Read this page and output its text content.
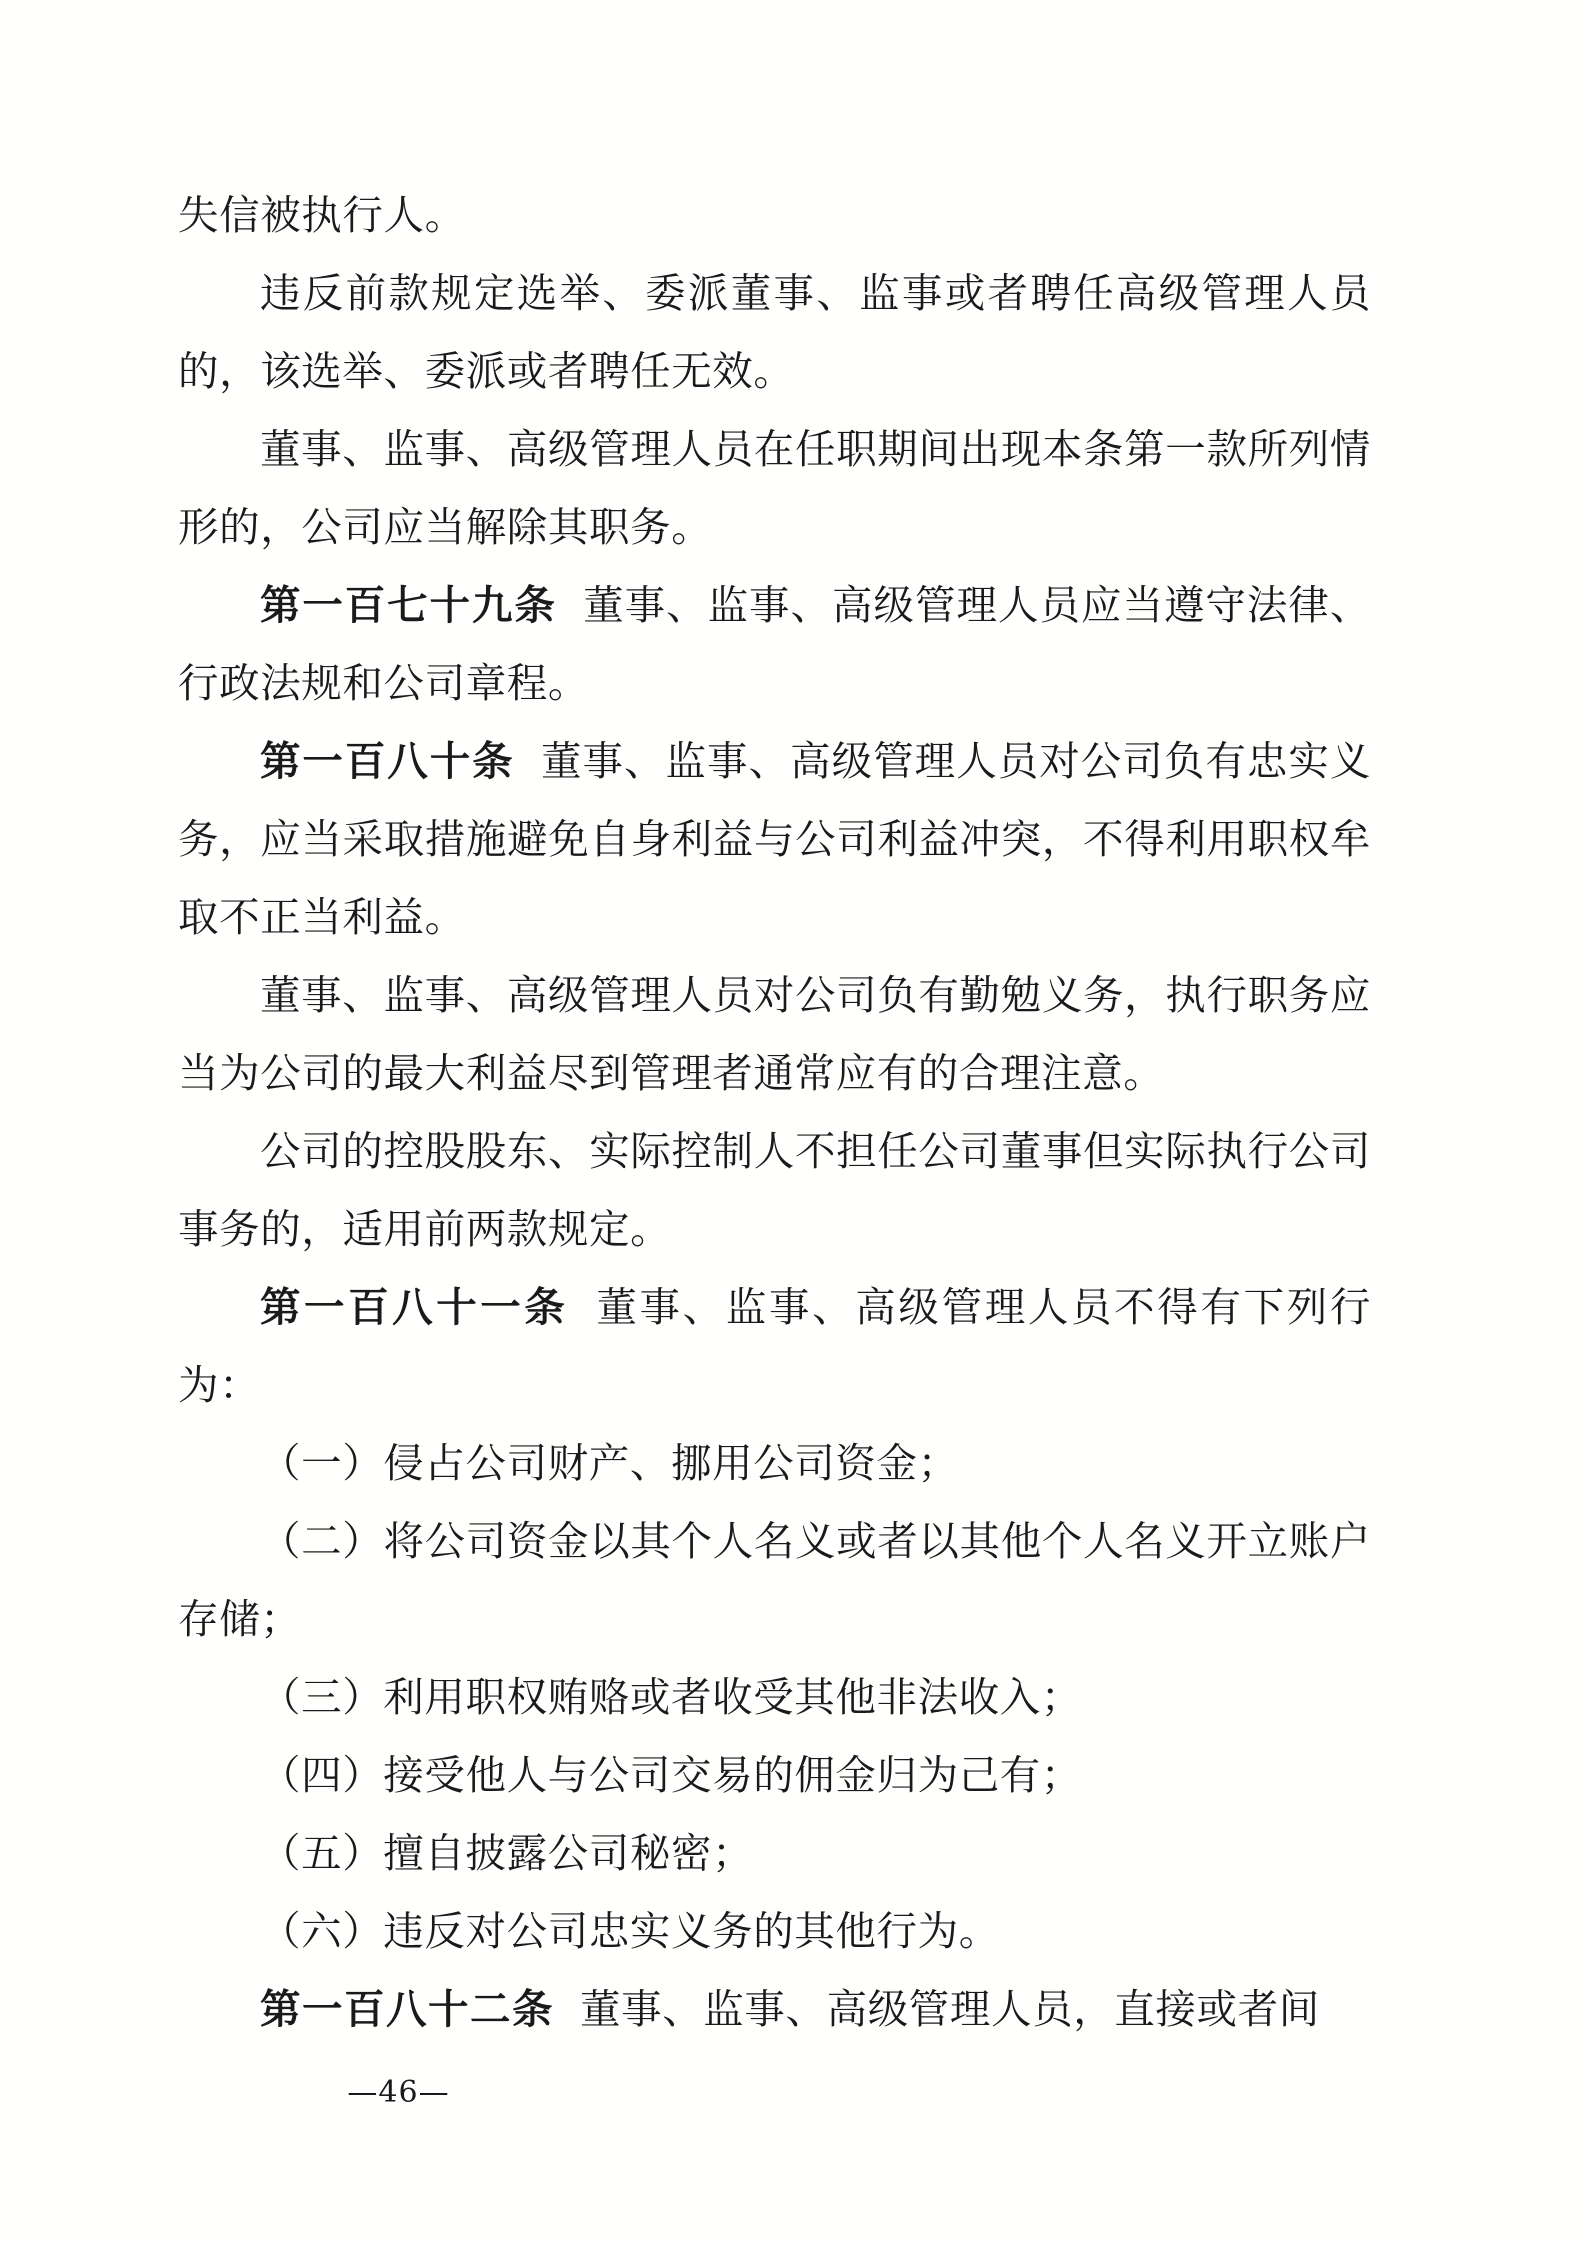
失信被执行人。

违反前款规定选举、委派董事、监事或者聘任高级管理人员的，该选举、委派或者聘任无效。

董事、监事、高级管理人员在任职期间出现本条第一款所列情形的，公司应当解除其职务。

第一百七十九条 董事、监事、高级管理人员应当遵守法律、行政法规和公司章程。

第一百八十条 董事、监事、高级管理人员对公司负有忠实义务，应当采取措施避免自身利益与公司利益冲突，不得利用职权牟取不正当利益。

董事、监事、高级管理人员对公司负有勤勉义务，执行职务应当为公司的最大利益尽到管理者通常应有的合理注意。

公司的控股股东、实际控制人不担任公司董事但实际执行公司事务的，适用前两款规定。

第一百八十一条 董事、监事、高级管理人员不得有下列行为：

（一）侵占公司财产、挪用公司资金；

（二）将公司资金以其个人名义或者以其他个人名义开立账户存储；

（三）利用职权贿赂或者收受其他非法收入；

（四）接受他人与公司交易的佣金归为己有；

（五）擅自披露公司秘密；

（六）违反对公司忠实义务的其他行为。

第一百八十二条 董事、监事、高级管理人员，直接或者间

—46—
